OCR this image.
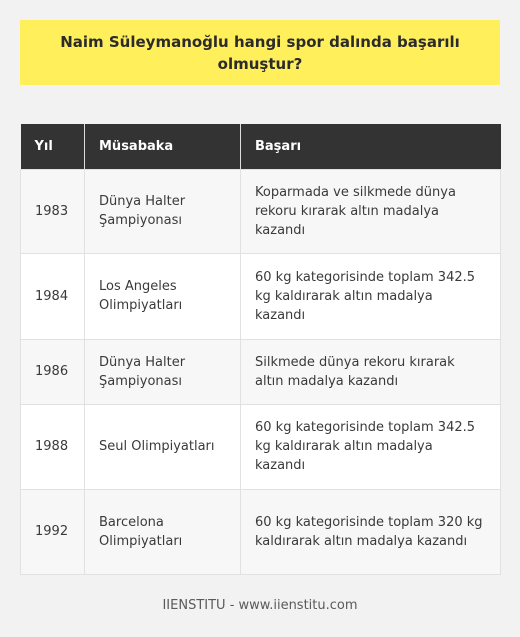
Naim Süleymanoğlu hangi spor dalında başarılı olmuştur?
Yıl	Müsabaka	Başarı
1983	Dünya Halter Şampiyonası	Koparmada ve silkmede dünya rekoru kırarak altın madalya kazandı
1984	Los Angeles Olimpiyatları	60 kg kategorisinde toplam 342.5 kg kaldırarak altın madalya kazandı
1986	Dünya Halter Şampiyonası	Silkmede dünya rekoru kırarak altın madalya kazandı
1988	Seul Olimpiyatları	60 kg kategorisinde toplam 342.5 kg kaldırarak altın madalya kazandı
1992	Barcelona Olimpiyatları	60 kg kategorisinde toplam 320 kg kaldırarak altın madalya kazandı
IIENSTITU - www.iienstitu.com
